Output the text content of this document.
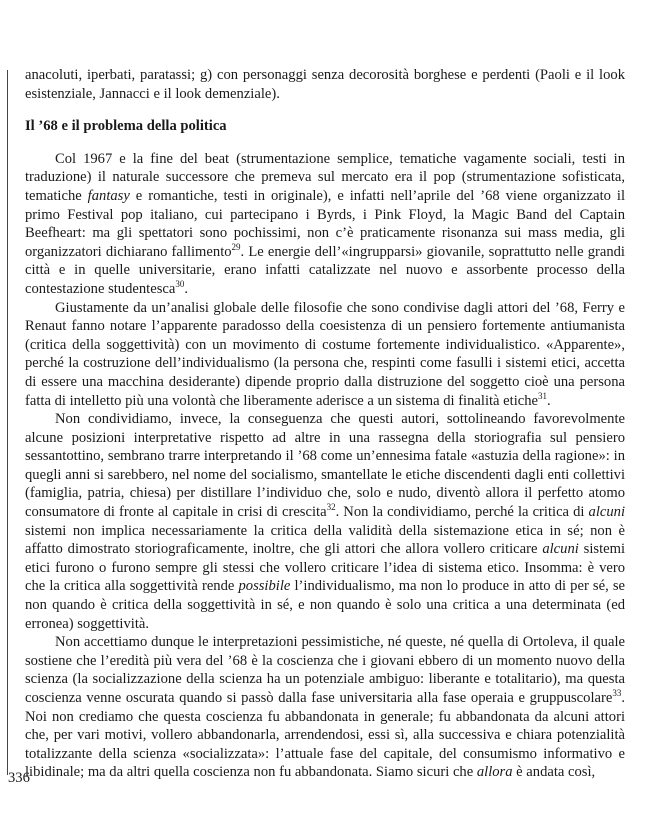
anacoluti, iperbati, paratassi; g) con personaggi senza decorosità borghese e perdenti (Paoli e il look esistenziale, Jannacci e il look demenziale).

Il ’68 e il problema della politica

Col 1967 e la fine del beat (strumentazione semplice, tematiche vagamente sociali, testi in traduzione) il naturale successore che premeva sul mercato era il pop (strumentazione sofisticata, tematiche fantasy e romantiche, testi in originale), e infatti nell’aprile del ’68 viene organizzato il primo Festival pop italiano, cui partecipano i Byrds, i Pink Floyd, la Magic Band del Captain Beefheart: ma gli spettatori sono pochissimi, non c’è praticamente risonanza sui mass media, gli organizzatori dichiarano fallimento$^{29}$. Le energie dell’«ingrupparsi» giovanile, soprattutto nelle grandi città e in quelle universitarie, erano infatti catalizzate nel nuovo e assorbente processo della contestazione studentesca$^{30}$.

Giustamente da un’analisi globale delle filosofie che sono condivise dagli attori del ’68, Ferry e Renaut fanno notare l’apparente paradosso della coesistenza di un pensiero fortemente antiumanista (critica della soggettività) con un movimento di costume fortemente individualistico. «Apparente», perché la costruzione dell’individualismo (la persona che, respinti come fasulli i sistemi etici, accetta di essere una macchina desiderante) dipende proprio dalla distruzione del soggetto cioè una persona fatta di intelletto più una volontà che liberamente aderisce a un sistema di finalità etiche$^{31}$.

Non condividiamo, invece, la conseguenza che questi autori, sottolineando favorevolmente alcune posizioni interpretative rispetto ad altre in una rassegna della storiografia sul pensiero sessantottino, sembrano trarre interpretando il ’68 come un’ennesima fatale «astuzia della ragione»: in quegli anni si sarebbero, nel nome del socialismo, smantellate le etiche discendenti dagli enti collettivi (famiglia, patria, chiesa) per distillare l’individuo che, solo e nudo, diventò allora il perfetto atomo consumatore di fronte al capitale in crisi di crescita$^{32}$. Non la condividiamo, perché la critica di alcuni sistemi non implica necessariamente la critica della validità della sistemazione etica in sé; non è affatto dimostrato storiograficamente, inoltre, che gli attori che allora vollero criticare alcuni sistemi etici furono o furono sempre gli stessi che vollero criticare l’idea di sistema etico. Insomma: è vero che la critica alla soggettività rende possibile l’individualismo, ma non lo produce in atto di per sé, se non quando è critica della soggettività in sé, e non quando è solo una critica a una determinata (ed erronea) soggettività.

Non accettiamo dunque le interpretazioni pessimistiche, né queste, né quella di Ortoleva, il quale sostiene che l’eredità più vera del ’68 è la coscienza che i giovani ebbero di un momento nuovo della scienza (la socializzazione della scienza ha un potenziale ambiguo: liberante e totalitario), ma questa coscienza venne oscurata quando si passò dalla fase universitaria alla fase operaia e gruppuscolare$^{33}$. Noi non crediamo che questa coscienza fu abbandonata in generale; fu abbandonata da alcuni attori che, per vari motivi, vollero abbandonarla, arrendendosi, essi sì, alla successiva e chiara potenzialità totalizzante della scienza «socializzata»: l’attuale fase del capitale, del consumismo informativo e libidinale; ma da altri quella coscienza non fu abbandonata. Siamo sicuri che allora è andata così,

336
